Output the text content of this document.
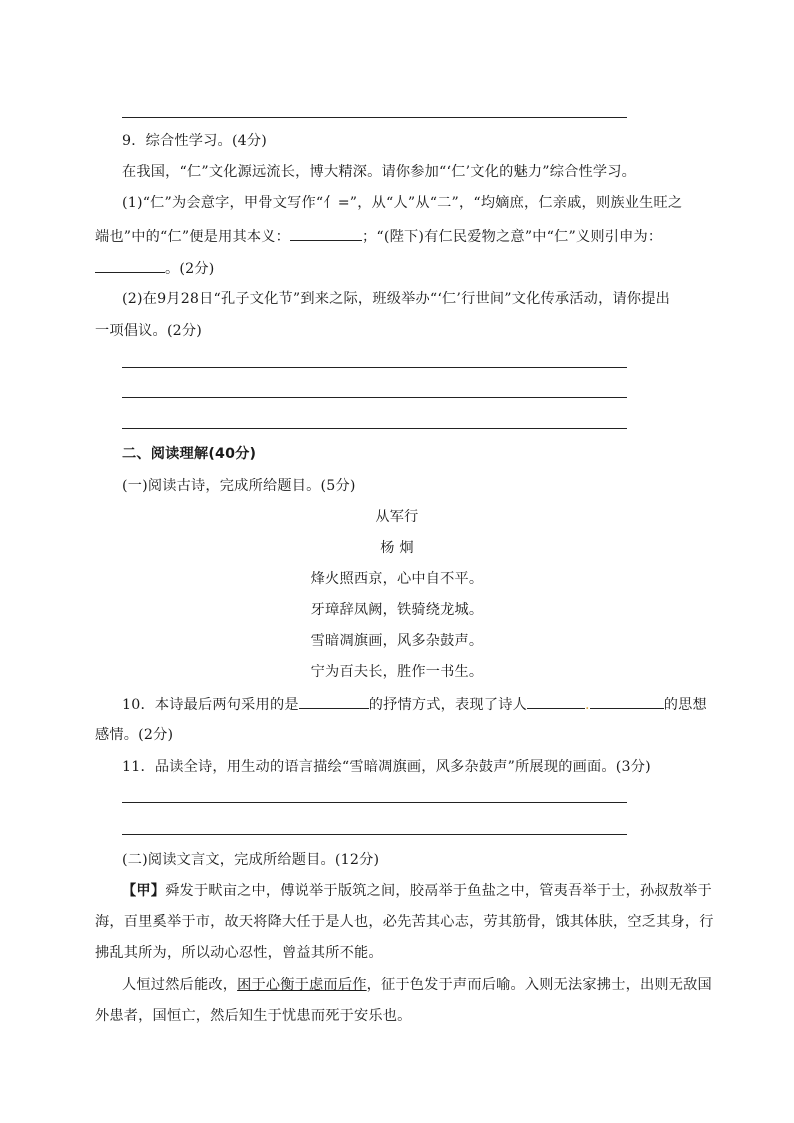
9．综合性学习。(4分)
在我国，“仁”文化源远流长，博大精深。请你参加“‘仁’文化的魅力”综合性学习。
(1)“仁”为会意字，甲骨文写作“⺅=”，从“人”从“二”，“均嫡庶，仁亲戚，则族业生旺之
端也”中的“仁”便是用其本义：	；“(陛下)有仁民爱物之意”中“仁”义则引申为：
。(2分)
(2)在9月28日“孔子文化节”到来之际，班级举办“‘仁’行世间”文化传承活动，请你提出
一项倡议。(2分)
二、阅读理解(40分)
(一)阅读古诗，完成所给题目。(5分)
从军行
杨 炯
烽火照西京，心中自不平。
牙璋辞凤阙，铁骑绕龙城。
雪暗凋旗画，风多杂鼓声。
宁为百夫长，胜作一书生。
10．本诗最后两句采用的是	的抒情方式，表现了诗人	.	的思想
感情。(2分)
11．品读全诗，用生动的语言描绘“雪暗凋旗画，风多杂鼓声”所展现的画面。(3分)
(二)阅读文言文，完成所给题目。(12分)
【甲】舜发于畎亩之中，傅说举于版筑之间，胶鬲举于鱼盐之中，管夷吾举于士，孙叔敖举于
海，百里奚举于市，故天将降大任于是人也，必先苦其心志，劳其筋骨，饿其体肤，空乏其身，行
拂乱其所为，所以动心忍性，曾益其所不能。
人恒过然后能改，困于心衡于虑而后作，征于色发于声而后喻。入则无法家拂士，出则无敌国
外患者，国恒亡，然后知生于忧患而死于安乐也。
